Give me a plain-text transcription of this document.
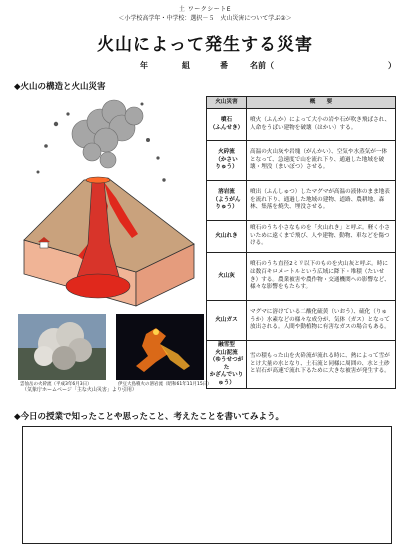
土 ワークシートE
＜小学校高学年・中学校：選択－５　火山災害について学ぶ②＞
火山によって発生する災害
年	組	番	名前（	）
◆火山の構造と火山災害
雲仙岳の火砕流（平成3年6月3日）	伊豆大島噴火の溶岩流（昭和61年11月15日）
（気象庁ホームページ「主な火山災害」より引用）
火山災害	概　　要
噴石
（ふんせき）	噴火（ふんか）によって大小の岩や石が吹き飛ばされ、人命をうばい建物を破壊（はかい）する。
火砕流
（かさい
りゅう）	高温の火山灰や岩塊（がんかい）、空気や水蒸気が一体となって、急速度で山を流れ下り、通過した地域を破壊・埋没（まいぼつ）させる。
溶岩流
（ようがん
りゅう）	噴出（ふんしゅつ）したマグマが高温の液体のまま地表を流れ下り、通過した地域の建物、道路、農耕地、森林、集落を焼失、埋没させる。
火山れき	噴石のうち小さなものを「火山れき」と呼ぶ。軽く小さいために遠くまで飛び、人や建物、動物、車などを傷つける。
火山灰	噴石のうち直径2ミリ以下のものを火山灰と呼ぶ。時には数百キロメートルという広域に降下・堆積（たいせき）する。農業被害や農作物・交通機関への影響など、様々な影響をもたらす。
火山ガス	マグマに溶けている二酸化硫黄（いおう）、硫化（りゅうか）水素などの様々な成分が、気体（ガス）となって放出される。人間や動植物に有害なガスの場合もある。
融雪型
火山泥流
（ゆうせつがた
かざんでいりゅう）	雪の積もった山を火砕流が流れる時に、熱によって雪がとけ大量の水となり、土石流と同様に周囲の、水と土砂と岩石が高速で流れ下るために大きな被害が発生する。
◆今日の授業で知ったことや思ったこと、考えたことを書いてみよう。
